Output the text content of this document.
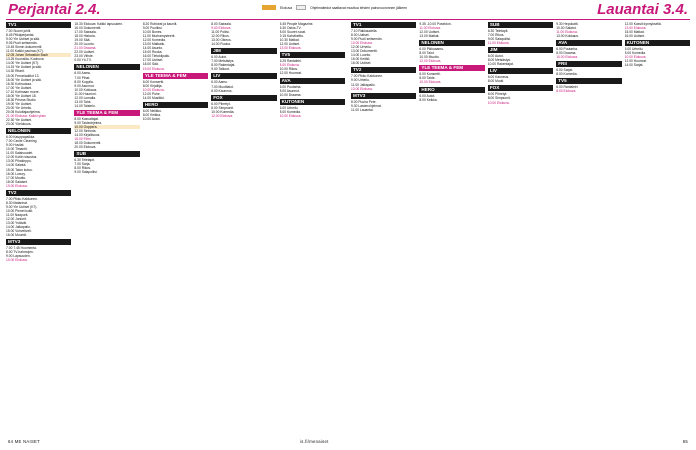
Perjantai 2.4.	Elokuva	Ohjelmatiedot saattavat muuttua lehden painovuoronnen jälkeen	Lauantai 3.4.
TV1
7.00 Suomi juhlii.
8.45 Pitkäperjantai.
9.00 Yle Uutiset ja sää.
9.05 Puoli seitsemän.
10.45 Sinnin dokumentti
11.00 Kaikki pauhaa (K7).
12.05 Johan Sebastian Bach
13.25 Kuunsilta. Kuohuva
14.00 Yle Uutiset (K7).
14.15 Yle Uutiset ja sää.
14.30 Ritarit.
15.00 Ferrariaddiot 13.
16.00 Yle Uutiset ja sää.
16.30 Kotiruokaa.
17.00 Yle Uutiset.
17.10 Kotimaan murre.
18.00 Yle Uutiset 18.
18.30 Prisma Studio
19.00 Yle Uutiset.
20.00 Yle Urheilu.
20.05 Kuluttajaohjelma.
21.00 Elokuva: Kaikki yksin
22.30 Yle Uutiset.
23.00 Yöelokuva.
NELONEN
6.00 Kauppapaikka.
7.00 Cecile Cleaning.
9.00 Huvilat.
10.00 Timantit.
11.00 Salaisuudet.
12.00 Kotiin sisustus.
13.00 Pihakirppu.
14.00 Salatut.
15.00 Talon kutsu.
16.00 Luxury.
17.00 Muutto.
18.00 Salaiset.
19.00 Elokuva.
TV2
7.00 Pikku Kakkonen.
8.30 Iltatarinat.
9.00 Yle Uutiset (K7).
10.00 Pienet kokit.
11.00 Naapurit.
12.00 Juniorit.
13.00 Ystävät.
14.00 Jalkapallo.
15.00 Vohveliveli.
16.00 Muumit.
MTV3
7.00 7.45 Huomenta.
8.00 TV-hahmojen.
9.00 Lapsuuden.
10.00 Elokuva.
15.30 Elokuva: Kaikki lapsuuden.
16.00 Dokumentit.
17.00 Sairaala.
18.00 Historia.
19.00 Sää.
20.00 Luonto.
21.00 Draama.
22.00 Uutiset.
23.00 Viihde.
0.00 Yö-TV.
NELONEN
6.00 Aamu.
7.00 Pihat.
8.00 Kuppila.
9.00 Asunnot.
10.00 Kokkaus.
11.00 Huumori.
12.00 Lomalla.
13.00 Talot.
14.00 Taistelu.
YLE TEEMA & FEM
8.00 Kasvattajat.
9.00 Taideohjelma.
10.00 Ooppera.
12.00 Sinfonia.
14.00 Kirjallisuus.
16.00 Filmi.
18.00 Dokumentti.
20.00 Elokuva.
SUB
6.30 Teletapit.
7.00 Sarja.
8.00 Rikos.
9.00 Salapoliisi.
8.20 Rohkeat ja kauniit.
9.00 Puoliksi.
10.00 Bones.
11.00 Murhamysteerit.
12.00 Komedia.
13.00 Matkailu.
14.00 Asunto.
15.00 Ruoka.
16.00 Tietokilpailu.
17.00 Uutiset.
18.00 Sää.
19.00 Elokuva.
YLE TEEMA & FEM
6.00 Konsertti.
8.00 Kirjailija.
10.00 Elokuva.
12.00 Puhe.
14.00 Musiikki.
HERO
6.00 Nelikko.
8.00 Keikka.
10.00 Autot.
8.00 Sairaala.
9.00 Elokuva.
11.00 Poliisi.
12.00 Rikos.
13.00 Oikeus.
14.00 Ruoka.
JIM
6.00 Autot.
7.00 Metsästys.
8.00 Rakentajat.
9.00 Talkoot.
LIV
6.00 Aamu.
7.00 Muotitalot.
8.00 Kauneus.
FOX
6.00 Piirretyt.
8.00 Simpsonit.
10.00 Komedia.
12.00 Elokuva.
5.45 People Magazine.
6.30 Ostos-TV.
8.00 Suuret ruoat.
9.15 Kahvikeitto.
10.30 Matkat.
12.00 Uutiset.
13.00 Elokuva.
TV5
6.25 Rantaleiri.
8.00 Elokuva.
10.00 Rikos.
12.00 Huumori.
AVA
6.00 Puutarha.
8.00 Asunnot.
10.00 Draama.
KUTONEN
6.00 Urheilu.
8.00 Komedia.
10.00 Elokuva.
TV1
7.10 Rakkaudella.
8.00 Uutiset.
9.00 Puoli seitsemän.
10.00 Elokuva.
12.00 Urheilu.
13.00 Dokumentti.
14.00 Luonto.
15.00 Keittiö.
16.00 Uutiset.
TV2
7.00 Pikku Kakkonen.
9.00 Urheilu.
11.00 Jalkapallo.
13.00 Elokuva.
MTV3
8.00 Puuha Pete.
9.30 Lastenohjelmat.
11.00 Lauantai.
9.35 -10.00 Poseidon.
11.00 Elokuva.
12.00 Uutiset.
13.00 Matkat.
NELONEN
6.00 Pikkuaamu.
8.00 Talot.
10.00 Muutto.
12.00 Elokuva.
YLE TEEMA & FEM
6.00 Konsertti.
8.00 Taide.
10.00 Elokuva.
HERO
6.00 Autot.
8.00 Keikka.
SUB
6.30 Teletapit.
7.00 Rikos.
9.00 Salapoliisi.
11.00 Elokuva.
JIM
6.00 Autot.
8.00 Metsästys.
10.00 Rakentajat.
LIV
6.00 Kauneus.
8.00 Muoti.
FOX
6.00 Piirretyt.
8.00 Simpsonit.
10.00 Elokuva.
9.30 Hepokatti.
10.00 Salatut.
11.00 Elokuva.
13.00 Kokkaus.
AVA
6.00 Puutarha.
8.00 Draama.
10.00 Elokuva.
FRII
6.00 Sarjat.
8.00 Komedia.
TV5
6.00 Rantaleiri.
8.00 Elokuva.
12.00 Kasvit kynnyksellä.
13.00 Elokuva.
15.00 Matkat.
16.00 Uutiset.
KUTONEN
6.00 Urheilu.
8.00 Komedia.
10.00 Elokuva.
12.00 Huumori.
14.00 Sarjat.
64 ME NAISET	is.fi/menaiset	65
